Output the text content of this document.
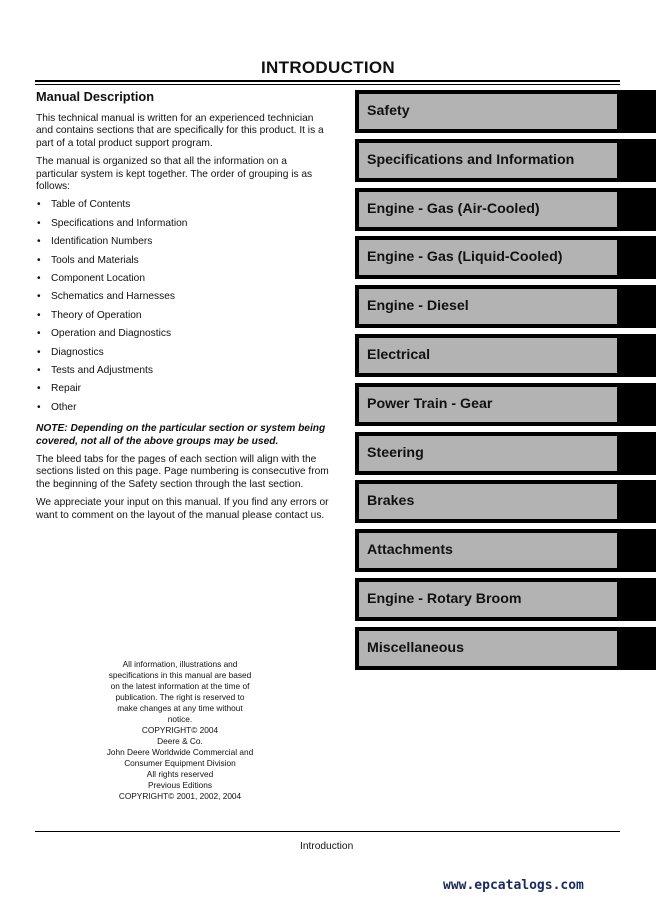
INTRODUCTION
Manual Description

This technical manual is written for an experienced technician and contains sections that are specifically for this product. It is a part of a total product support program.

The manual is organized so that all the information on a particular system is kept together. The order of grouping is as follows:

• Table of Contents
• Specifications and Information
• Identification Numbers
• Tools and Materials
• Component Location
• Schematics and Harnesses
• Theory of Operation
• Operation and Diagnostics
• Diagnostics
• Tests and Adjustments
• Repair
• Other

NOTE: Depending on the particular section or system being covered, not all of the above groups may be used.

The bleed tabs for the pages of each section will align with the sections listed on this page. Page numbering is consecutive from the beginning of the Safety section through the last section.

We appreciate your input on this manual. If you find any errors or want to comment on the layout of the manual please contact us.

All information, illustrations and
specifications in this manual are based
on the latest information at the time of
publication. The right is reserved to
make changes at any time without
notice.
COPYRIGHT© 2004
Deere & Co.
John Deere Worldwide Commercial and
Consumer Equipment Division
All rights reserved
Previous Editions
COPYRIGHT© 2001, 2002, 2004
Safety
Specifications and Information
Engine - Gas (Air-Cooled)
Engine - Gas (Liquid-Cooled)
Engine - Diesel
Electrical
Power Train - Gear
Steering
Brakes
Attachments
Engine - Rotary Broom
Miscellaneous
Introduction
www.epcatalogs.com
